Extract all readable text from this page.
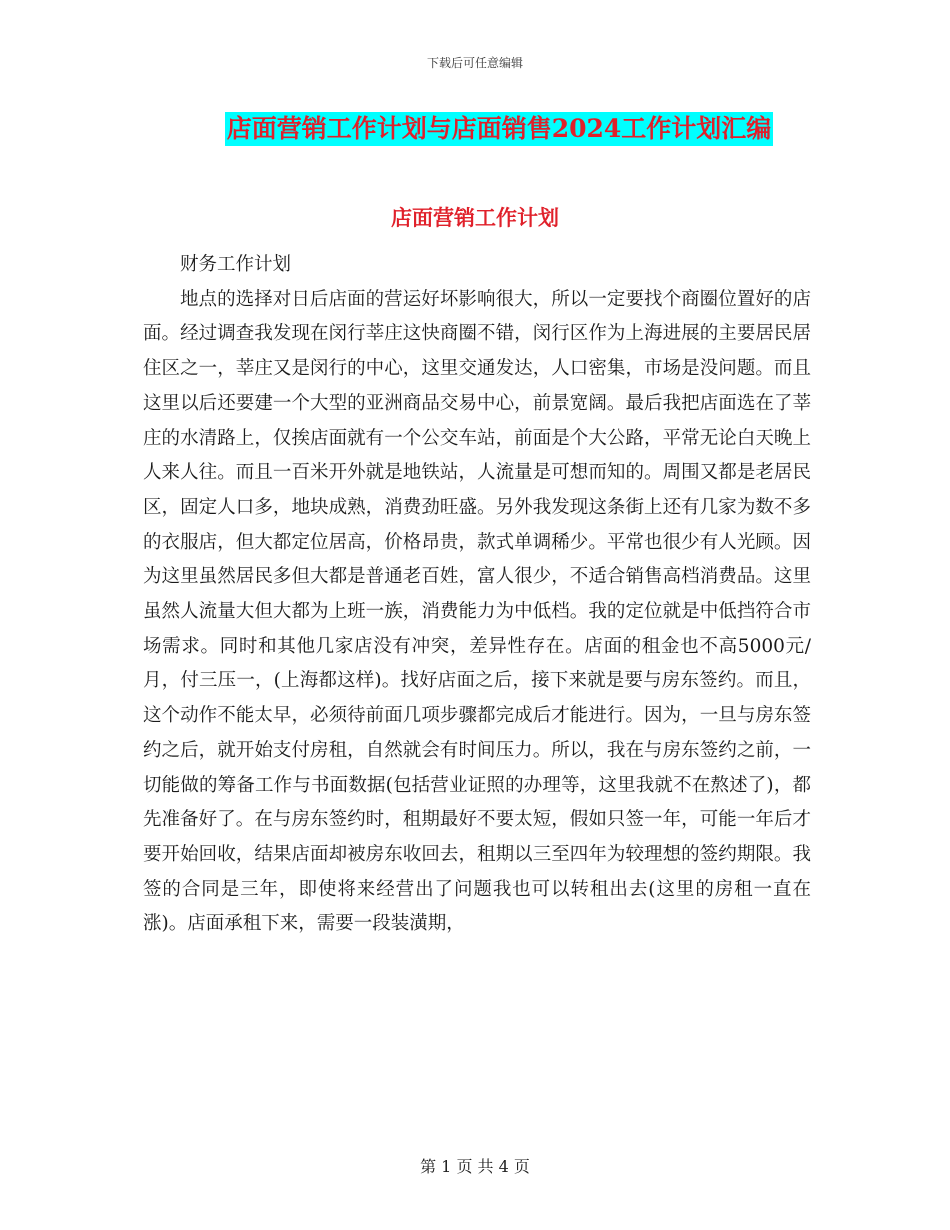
下载后可任意编辑
店面营销工作计划与店面销售2024工作计划汇编
店面营销工作计划

财务工作计划

地点的选择对日后店面的营运好坏影响很大，所以一定要找个商圈位置好的店面。经过调查我发现在闵行莘庄这快商圈不错，闵行区作为上海进展的主要居民居住区之一，莘庄又是闵行的中心，这里交通发达，人口密集，市场是没问题。而且这里以后还要建一个大型的亚洲商品交易中心，前景宽阔。最后我把店面选在了莘庄的水清路上，仅挨店面就有一个公交车站，前面是个大公路，平常无论白天晚上人来人往。而且一百米开外就是地铁站，人流量是可想而知的。周围又都是老居民区，固定人口多，地块成熟，消费劲旺盛。另外我发现这条街上还有几家为数不多的衣服店，但大都定位居高，价格昂贵，款式单调稀少。平常也很少有人光顾。因为这里虽然居民多但大都是普通老百姓，富人很少，不适合销售高档消费品。这里虽然人流量大但大都为上班一族，消费能力为中低档。我的定位就是中低挡符合市场需求。同时和其他几家店没有冲突，差异性存在。店面的租金也不高5000元/月，付三压一，(上海都这样)。找好店面之后，接下来就是要与房东签约。而且，这个动作不能太早，必须待前面几项步骤都完成后才能进行。因为，一旦与房东签约之后，就开始支付房租，自然就会有时间压力。所以，我在与房东签约之前，一切能做的筹备工作与书面数据(包括营业证照的办理等，这里我就不在熬述了)，都先准备好了。在与房东签约时，租期最好不要太短，假如只签一年，可能一年后才要开始回收，结果店面却被房东收回去，租期以三至四年为较理想的签约期限。我签的合同是三年，即使将来经营出了问题我也可以转租出去(这里的房租一直在涨)。店面承租下来，需要一段装潢期，

第 1 页 共 4 页
